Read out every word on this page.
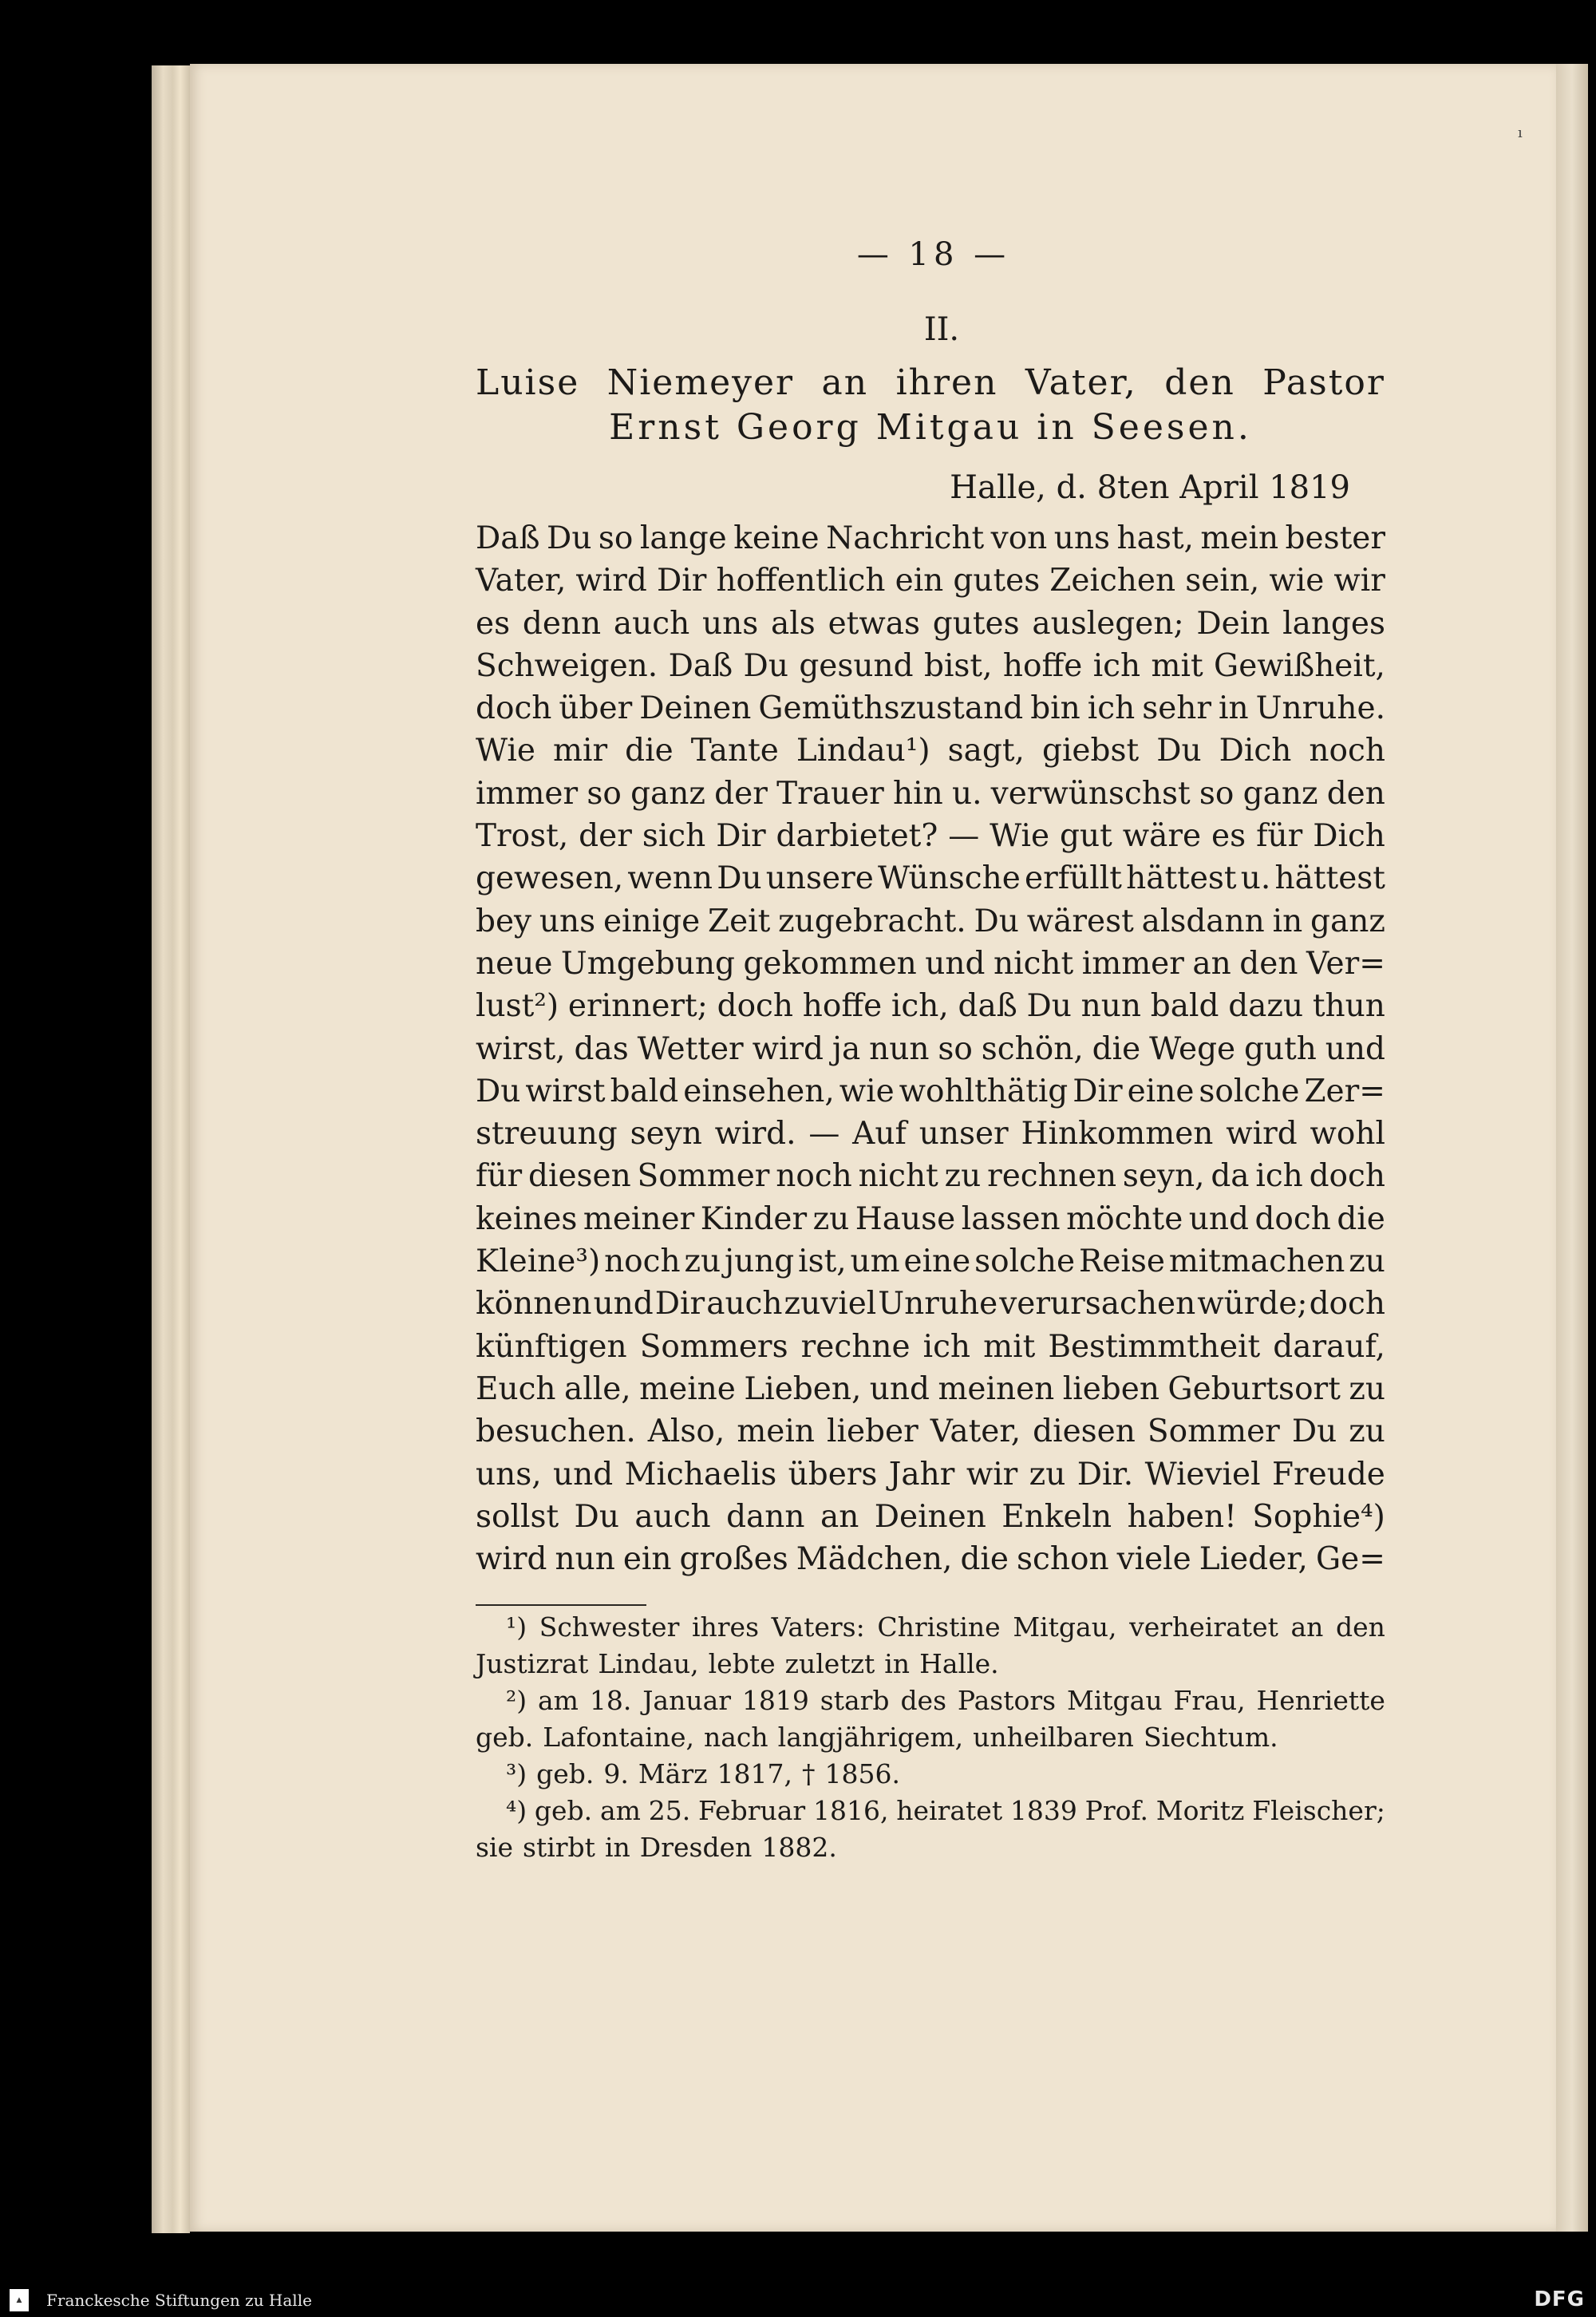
ı
— 18 —
II.
Luise Niemeyer an ihren Vater, den Pastor
Ernst Georg Mitgau in Seesen.
Halle, d. 8ten April 1819
Daß Du so lange keine Nachricht von uns hast, mein bester
Vater, wird Dir hoffentlich ein gutes Zeichen sein, wie wir
es denn auch uns als etwas gutes auslegen; Dein langes
Schweigen. Daß Du gesund bist, hoffe ich mit Gewißheit,
doch über Deinen Gemüthszustand bin ich sehr in Unruhe.
Wie mir die Tante Lindau¹) sagt, giebst Du Dich noch
immer so ganz der Trauer hin u. verwünschst so ganz den
Trost, der sich Dir darbietet? — Wie gut wäre es für Dich
gewesen, wenn Du unsere Wünsche erfüllt hättest u. hättest
bey uns einige Zeit zugebracht. Du wärest alsdann in ganz
neue Umgebung gekommen und nicht immer an den Ver=
lust²) erinnert; doch hoffe ich, daß Du nun bald dazu thun
wirst, das Wetter wird ja nun so schön, die Wege guth und
Du wirst bald einsehen, wie wohlthätig Dir eine solche Zer=
streuung seyn wird. — Auf unser Hinkommen wird wohl
für diesen Sommer noch nicht zu rechnen seyn, da ich doch
keines meiner Kinder zu Hause lassen möchte und doch die
Kleine³) noch zu jung ist, um eine solche Reise mitmachen zu
können und Dir auch zuviel Unruhe verursachen würde; doch
künftigen Sommers rechne ich mit Bestimmtheit darauf,
Euch alle, meine Lieben, und meinen lieben Geburtsort zu
besuchen. Also, mein lieber Vater, diesen Sommer Du zu
uns, und Michaelis übers Jahr wir zu Dir. Wieviel Freude
sollst Du auch dann an Deinen Enkeln haben! Sophie⁴)
wird nun ein großes Mädchen, die schon viele Lieder, Ge=
¹) Schwester ihres Vaters: Christine Mitgau, verheiratet an den
Justizrat Lindau, lebte zuletzt in Halle.
²) am 18. Januar 1819 starb des Pastors Mitgau Frau, Henriette
geb. Lafontaine, nach langjährigem, unheilbaren Siechtum.
³) geb. 9. März 1817, † 1856.
⁴) geb. am 25. Februar 1816, heiratet 1839 Prof. Moritz Fleischer;
sie stirbt in Dresden 1882.
▲	Franckesche Stiftungen zu Halle	DFG
